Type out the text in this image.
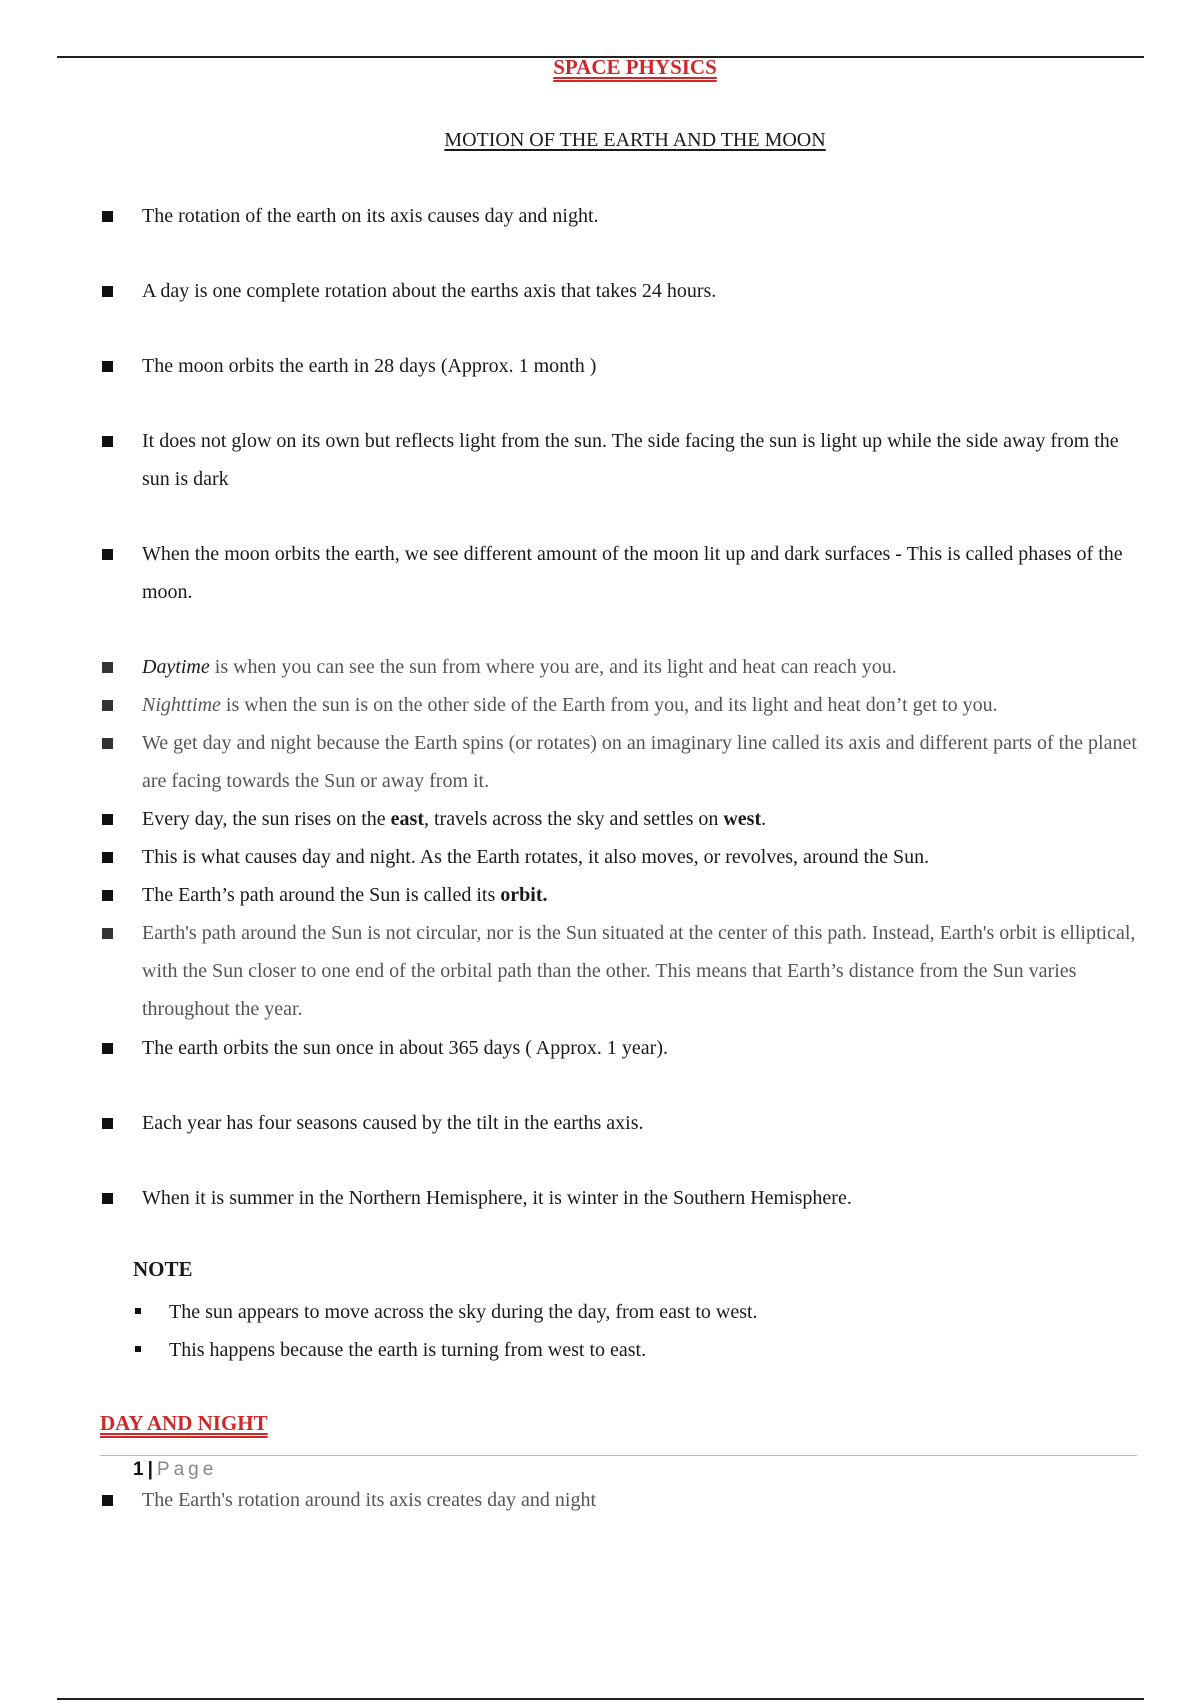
SPACE PHYSICS
MOTION OF THE EARTH AND THE MOON
The rotation of the earth on its axis causes day and night.
A day is one complete rotation about the earths axis that takes 24 hours.
The moon orbits the earth in 28 days (Approx. 1 month )
It does not glow on its own but reflects light from the sun. The side facing the sun is light up while the side away from the sun is dark
When the moon orbits the earth, we see different amount of the moon lit up and dark surfaces - This is called phases of the moon.
Daytime is when you can see the sun from where you are, and its light and heat can reach you.
Nighttime is when the sun is on the other side of the Earth from you, and its light and heat don’t get to you.
We get day and night because the Earth spins (or rotates) on an imaginary line called its axis and different parts of the planet are facing towards the Sun or away from it.
Every day, the sun rises on the east, travels across the sky and settles on west.
This is what causes day and night. As the Earth rotates, it also moves, or revolves, around the Sun.
The Earth’s path around the Sun is called its orbit.
Earth's path around the Sun is not circular, nor is the Sun situated at the center of this path. Instead, Earth's orbit is elliptical, with the Sun closer to one end of the orbital path than the other. This means that Earth’s distance from the Sun varies throughout the year.
The earth orbits the sun once in about 365 days ( Approx. 1 year).
Each year has four seasons caused by the tilt in the earths axis.
When it is summer in the Northern Hemisphere, it is winter in the Southern Hemisphere.
NOTE
The sun appears to move across the sky during the day, from east to west.
This happens because the earth is turning from west to east.
DAY AND NIGHT
1 | Page
The Earth's rotation around its axis creates day and night
